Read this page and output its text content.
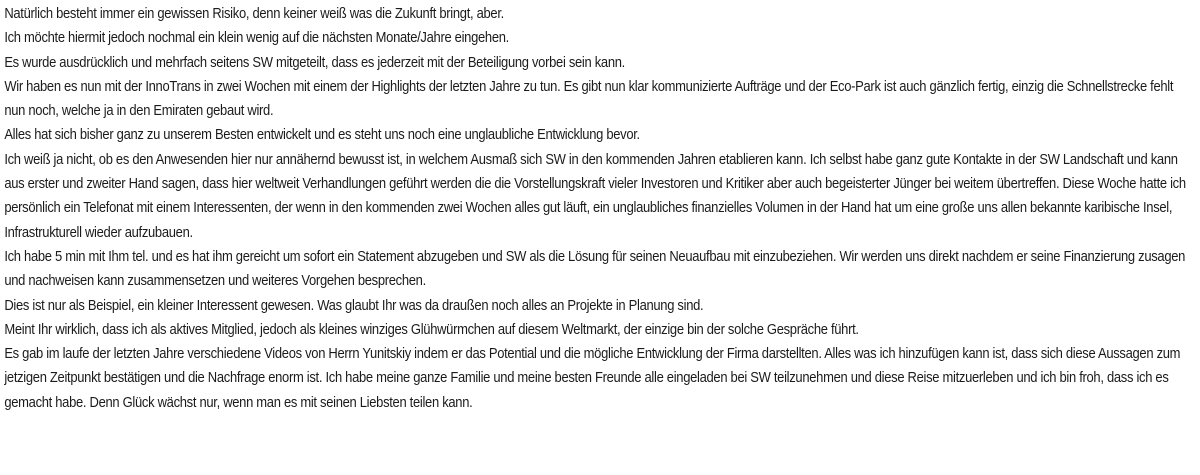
Natürlich besteht immer ein gewissen Risiko, denn keiner weiß was die Zukunft bringt, aber.

Ich möchte hiermit jedoch nochmal ein klein wenig auf die nächsten Monate/Jahre eingehen.

Es wurde ausdrücklich und mehrfach seitens SW mitgeteilt, dass es jederzeit mit der Beteiligung vorbei sein kann.

Wir haben es nun mit der InnoTrans in zwei Wochen mit einem der Highlights der letzten Jahre zu tun. Es gibt nun klar kommunizierte Aufträge und der Eco-Park ist auch gänzlich fertig, einzig die Schnellstrecke fehlt nun noch, welche ja in den Emiraten gebaut wird.

Alles hat sich bisher ganz zu unserem Besten entwickelt und es steht uns noch eine unglaubliche Entwicklung bevor.

Ich weiß ja nicht, ob es den Anwesenden hier nur annähernd bewusst ist, in welchem Ausmaß sich SW in den kommenden Jahren etablieren kann. Ich selbst habe ganz gute Kontakte in der SW Landschaft und kann aus erster und zweiter Hand sagen, dass hier weltweit Verhandlungen geführt werden die die Vorstellungskraft vieler Investoren und Kritiker aber auch begeisterter Jünger bei weitem übertreffen. Diese Woche hatte ich persönlich ein Telefonat mit einem Interessenten, der wenn in den kommenden zwei Wochen alles gut läuft, ein unglaubliches finanzielles Volumen in der Hand hat um eine große uns allen bekannte karibische Insel, Infrastrukturell wieder aufzubauen.

Ich habe 5 min mit Ihm tel. und es hat ihm gereicht um sofort ein Statement abzugeben und SW als die Lösung für seinen Neuaufbau mit einzubeziehen. Wir werden uns direkt nachdem er seine Finanzierung zusagen und nachweisen kann zusammensetzen und weiteres Vorgehen besprechen.

Dies ist nur als Beispiel, ein kleiner Interessent gewesen. Was glaubt Ihr was da draußen noch alles an Projekte in Planung sind.

Meint Ihr wirklich, dass ich als aktives Mitglied, jedoch als kleines winziges Glühwürmchen auf diesem Weltmarkt, der einzige bin der solche Gespräche führt.

Es gab im laufe der letzten Jahre verschiedene Videos von Herrn Yunitskiy indem er das Potential und die mögliche Entwicklung der Firma darstellten. Alles was ich hinzufügen kann ist, dass sich diese Aussagen zum jetzigen Zeitpunkt bestätigen und die Nachfrage enorm ist. Ich habe meine ganze Familie und meine besten Freunde alle eingeladen bei SW teilzunehmen und diese Reise mitzuerleben und ich bin froh, dass ich es gemacht habe. Denn Glück wächst nur, wenn man es mit seinen Liebsten teilen kann.
